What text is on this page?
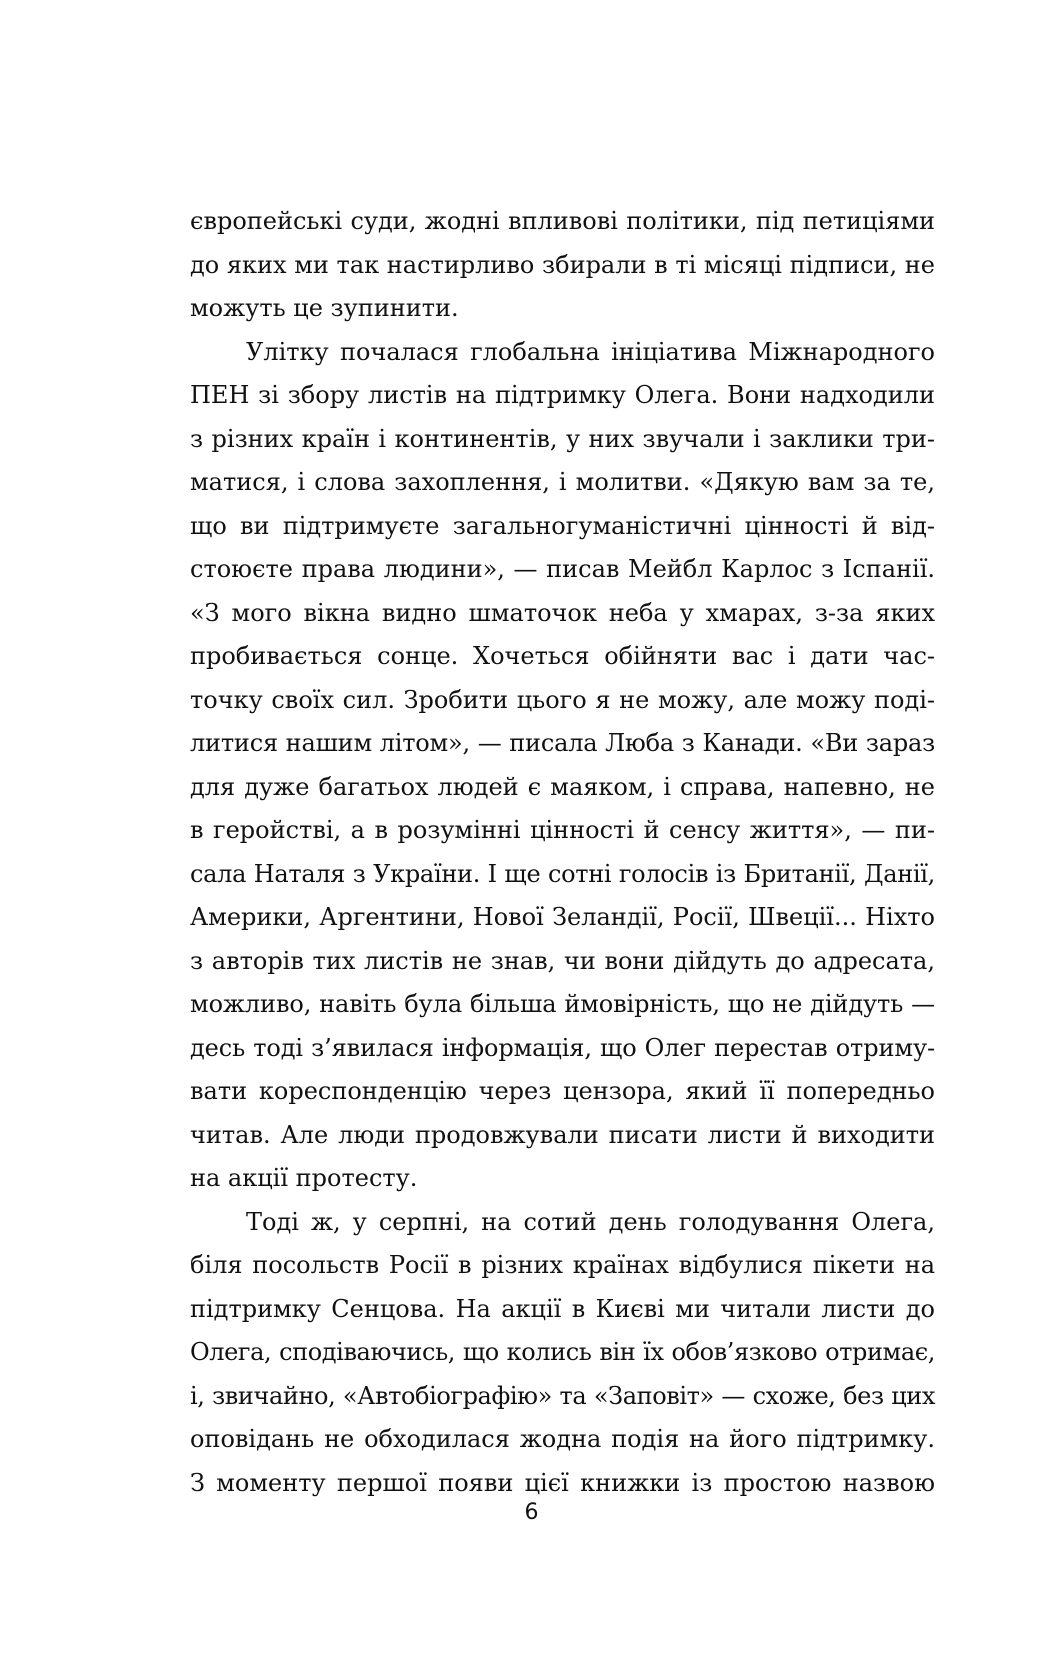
європейські суди, жодні впливові політики, під петиціями
до яких ми так настирливо збирали в ті місяці підписи, не
можуть це зупинити.
Улітку почалася глобальна ініціатива Міжнародного
ПЕН зі збору листів на підтримку Олега. Вони надходили
з різних країн і континентів, у них звучали і заклики три-
матися, і слова захоплення, і молитви. «Дякую вам за те,
що ви підтримуєте загальногуманістичні цінності й від-
стоюєте права людини», — писав Мейбл Карлос з Іспанії.
«З мого вікна видно шматочок неба у хмарах, з-за яких
пробивається сонце. Хочеться обійняти вас і дати час-
точку своїх сил. Зробити цього я не можу, але можу поді-
литися нашим літом», — писала Люба з Канади. «Ви зараз
для дуже багатьох людей є маяком, і справа, напевно, не
в геройстві, а в розумінні цінності й сенсу життя», — пи-
сала Наталя з України. І ще сотні голосів із Британії, Данії,
Америки, Аргентини, Нової Зеландії, Росії, Швеції... Ніхто
з авторів тих листів не знав, чи вони дійдуть до адресата,
можливо, навіть була більша ймовірність, що не дійдуть —
десь тоді з’явилася інформація, що Олег перестав отриму-
вати кореспонденцію через цензора, який її попередньо
читав. Але люди продовжували писати листи й виходити
на акції протесту.
Тоді ж, у серпні, на сотий день голодування Олега,
біля посольств Росії в різних країнах відбулися пікети на
підтримку Сенцова. На акції в Києві ми читали листи до
Олега, сподіваючись, що колись він їх обов’язково отримає,
і, звичайно, «Автобіографію» та «Заповіт» — схоже, без цих
оповідань не обходилася жодна подія на його підтримку.
З моменту першої появи цієї книжки із простою назвою
6
